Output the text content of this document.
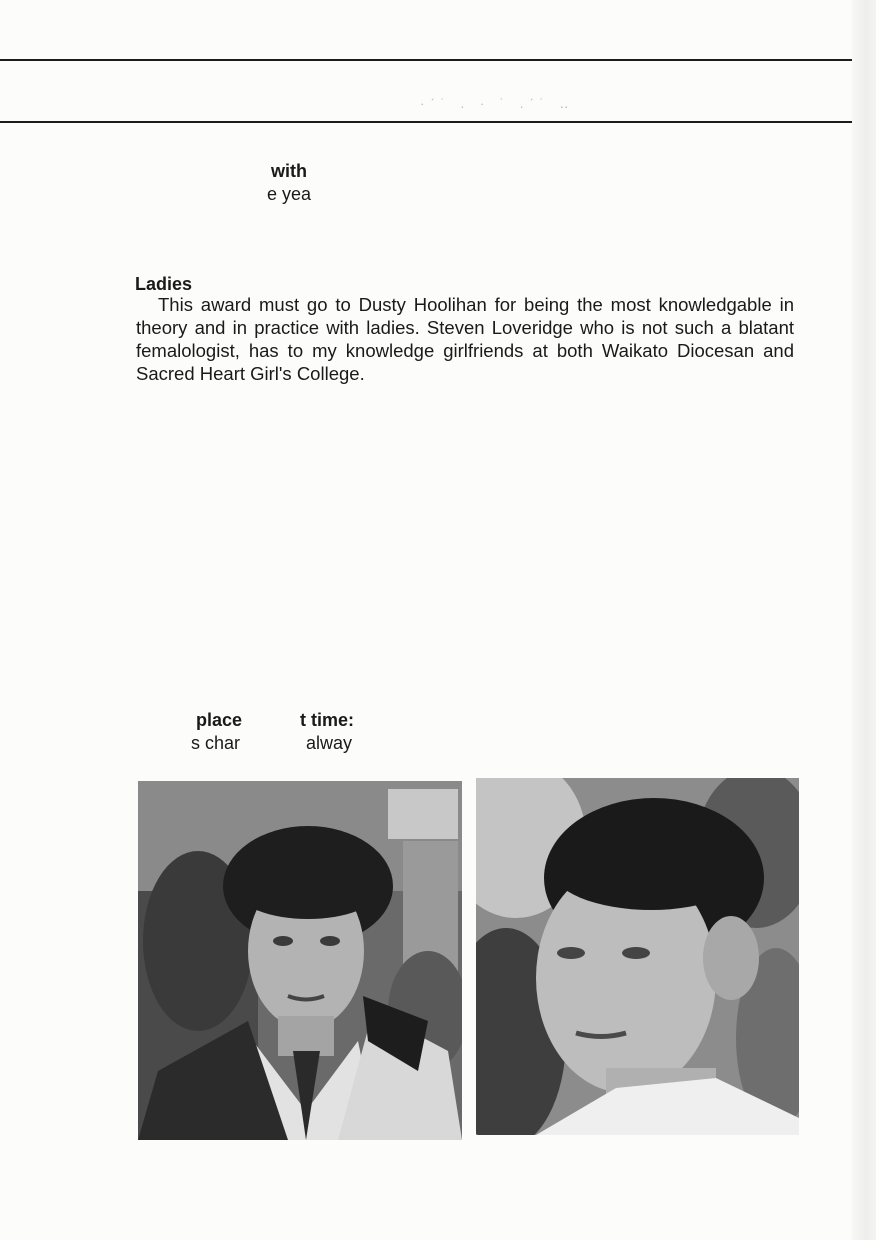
·ˊ˙ . · ˙ .ˊ˙ ‥
with
e yea
Ladies

This award must go to Dusty Hoolihan for being the most knowledgable in theory and in practice with ladies. Steven Loveridge who is not such a blatant femalologist, has to my knowledge girlfriends at both Waikato Diocesan and Sacred Heart Girl's College.

place
s char
t time:
alway
